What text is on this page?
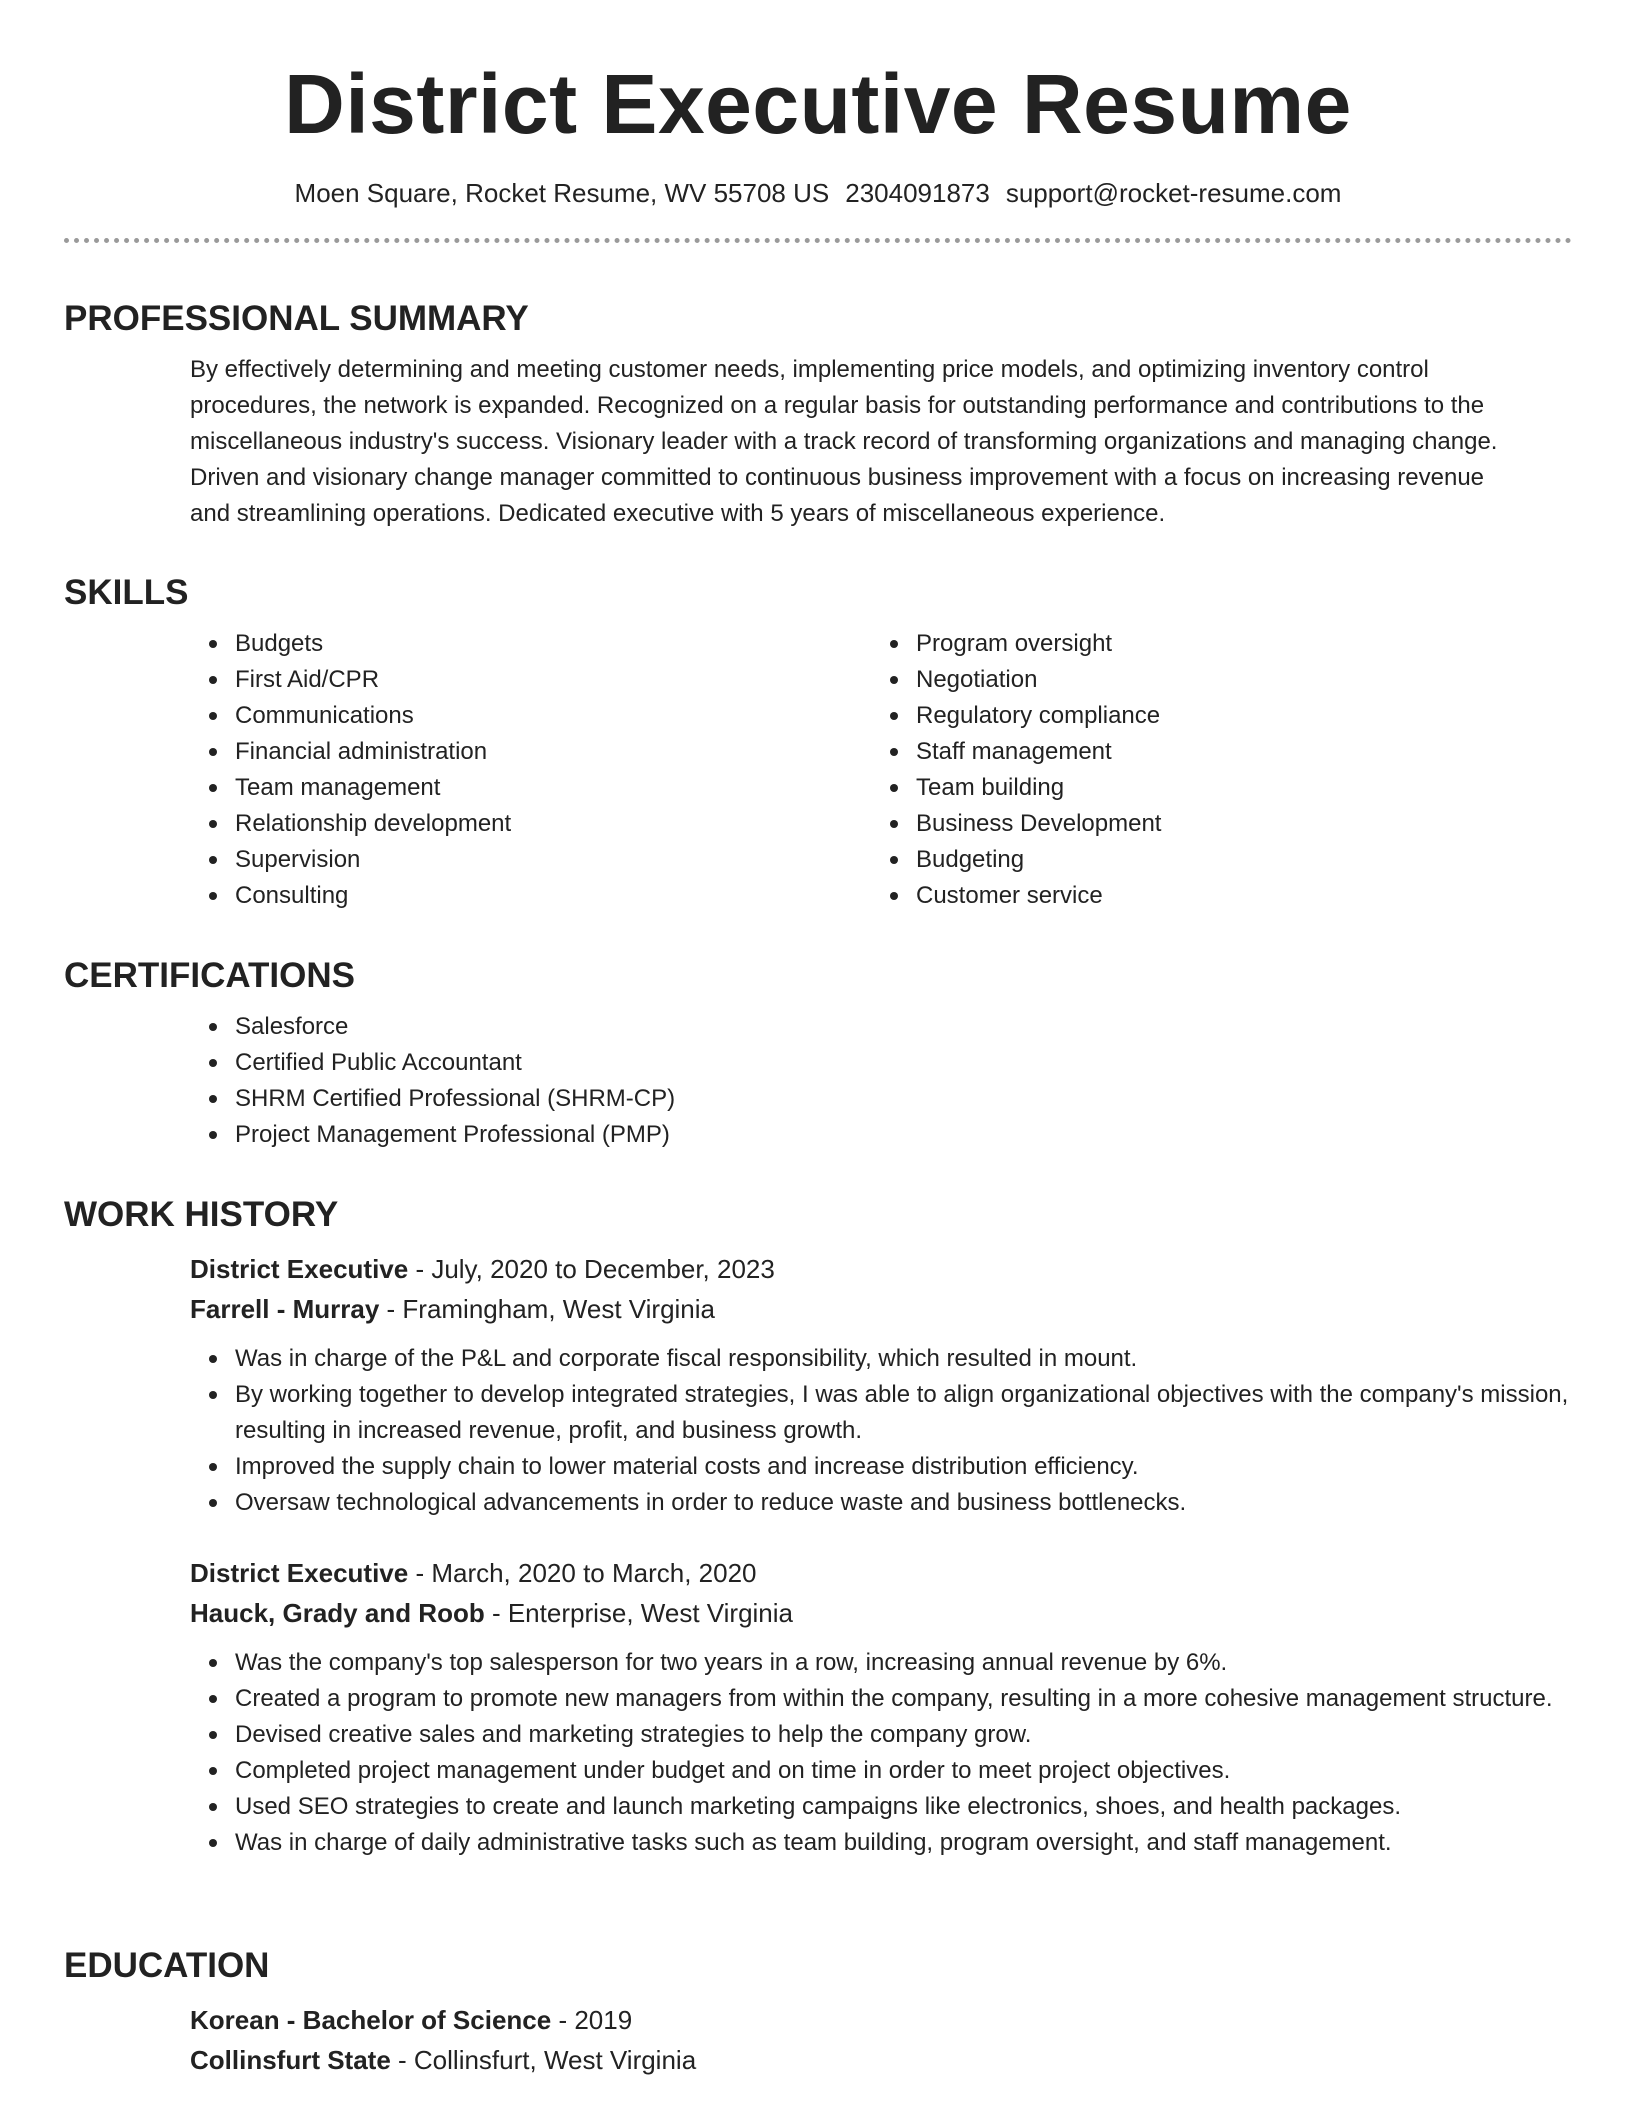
District Executive Resume
Moen Square, Rocket Resume, WV 55708 US 2304091873 support@rocket-resume.com
PROFESSIONAL SUMMARY
By effectively determining and meeting customer needs, implementing price models, and optimizing inventory control
procedures, the network is expanded. Recognized on a regular basis for outstanding performance and contributions to the
miscellaneous industry's success. Visionary leader with a track record of transforming organizations and managing change.
Driven and visionary change manager committed to continuous business improvement with a focus on increasing revenue
and streamlining operations. Dedicated executive with 5 years of miscellaneous experience.
SKILLS
Budgets
First Aid/CPR
Communications
Financial administration
Team management
Relationship development
Supervision
Consulting
Program oversight
Negotiation
Regulatory compliance
Staff management
Team building
Business Development
Budgeting
Customer service
CERTIFICATIONS
Salesforce
Certified Public Accountant
SHRM Certified Professional (SHRM-CP)
Project Management Professional (PMP)
WORK HISTORY
District Executive - July, 2020 to December, 2023
Farrell - Murray - Framingham, West Virginia
Was in charge of the P&L and corporate fiscal responsibility, which resulted in mount.
By working together to develop integrated strategies, I was able to align organizational objectives with the company's mission, resulting in increased revenue, profit, and business growth.
Improved the supply chain to lower material costs and increase distribution efficiency.
Oversaw technological advancements in order to reduce waste and business bottlenecks.
District Executive - March, 2020 to March, 2020
Hauck, Grady and Roob - Enterprise, West Virginia
Was the company's top salesperson for two years in a row, increasing annual revenue by 6%.
Created a program to promote new managers from within the company, resulting in a more cohesive management structure.
Devised creative sales and marketing strategies to help the company grow.
Completed project management under budget and on time in order to meet project objectives.
Used SEO strategies to create and launch marketing campaigns like electronics, shoes, and health packages.
Was in charge of daily administrative tasks such as team building, program oversight, and staff management.
EDUCATION
Korean - Bachelor of Science - 2019
Collinsfurt State - Collinsfurt, West Virginia
